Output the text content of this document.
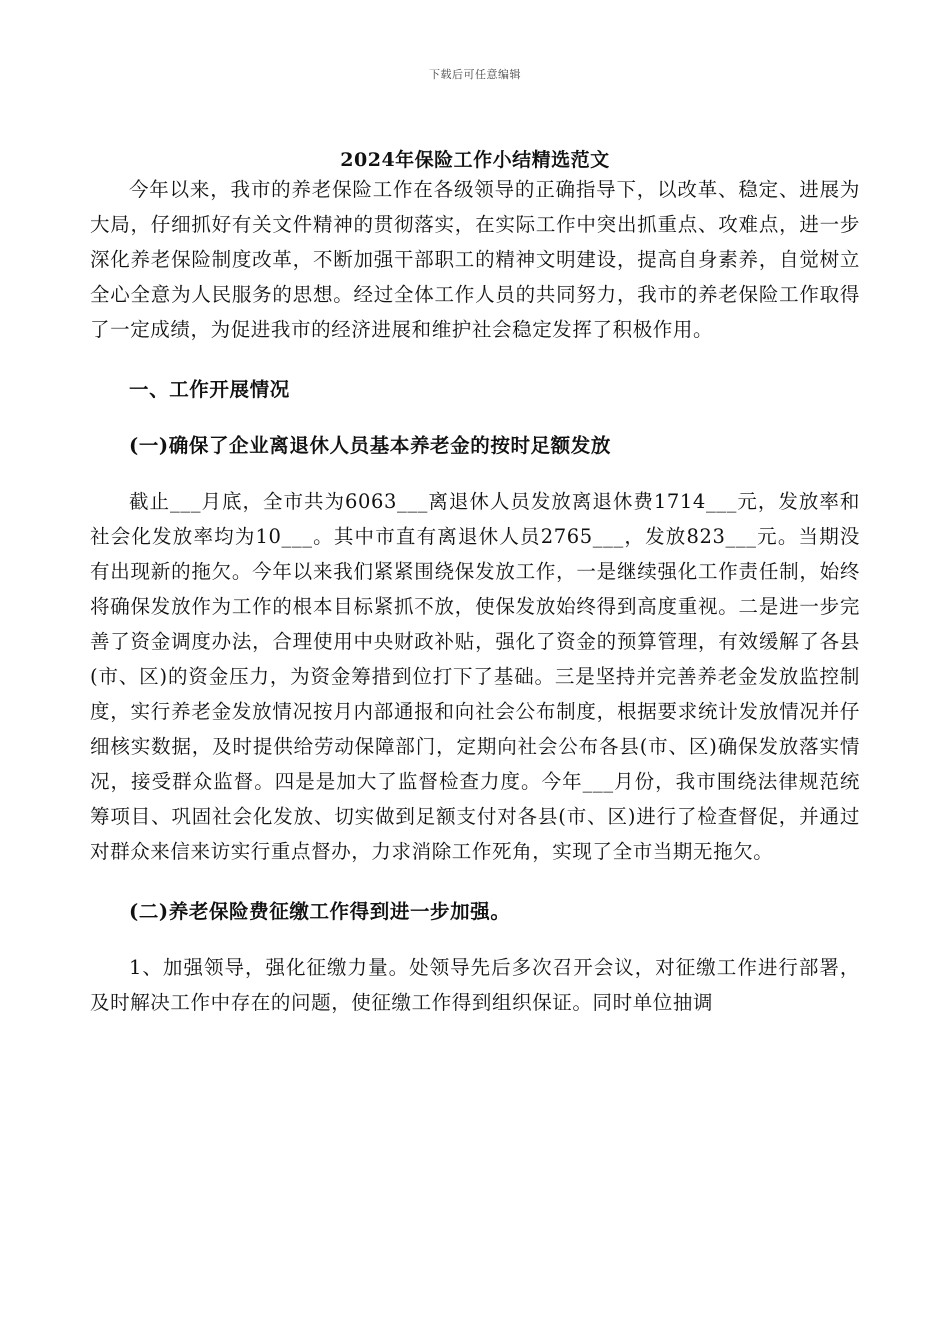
下载后可任意编辑
2024年保险工作小结精选范文

今年以来，我市的养老保险工作在各级领导的正确指导下，以改革、稳定、进展为大局，仔细抓好有关文件精神的贯彻落实，在实际工作中突出抓重点、攻难点，进一步深化养老保险制度改革，不断加强干部职工的精神文明建设，提高自身素养，自觉树立全心全意为人民服务的思想。经过全体工作人员的共同努力，我市的养老保险工作取得了一定成绩，为促进我市的经济进展和维护社会稳定发挥了积极作用。

一、工作开展情况

(一)确保了企业离退休人员基本养老金的按时足额发放

截止___月底，全市共为6063___离退休人员发放离退休费1714___元，发放率和社会化发放率均为10___。其中市直有离退休人员2765___，发放823___元。当期没有出现新的拖欠。今年以来我们紧紧围绕保发放工作，一是继续强化工作责任制，始终将确保发放作为工作的根本目标紧抓不放，使保发放始终得到高度重视。二是进一步完善了资金调度办法，合理使用中央财政补贴，强化了资金的预算管理，有效缓解了各县(市、区)的资金压力，为资金筹措到位打下了基础。三是坚持并完善养老金发放监控制度，实行养老金发放情况按月内部通报和向社会公布制度，根据要求统计发放情况并仔细核实数据，及时提供给劳动保障部门，定期向社会公布各县(市、区)确保发放落实情况，接受群众监督。四是是加大了监督检查力度。今年___月份，我市围绕法律规范统筹项目、巩固社会化发放、切实做到足额支付对各县(市、区)进行了检查督促，并通过对群众来信来访实行重点督办，力求消除工作死角，实现了全市当期无拖欠。

(二)养老保险费征缴工作得到进一步加强。

1、加强领导，强化征缴力量。处领导先后多次召开会议，对征缴工作进行部署，及时解决工作中存在的问题，使征缴工作得到组织保证。同时单位抽调
